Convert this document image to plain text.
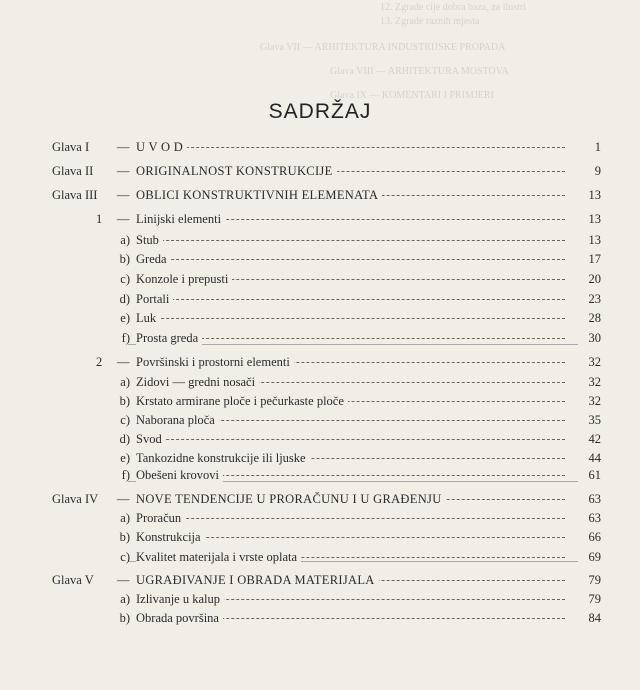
12. Zgrade cije dobra baza, za ilustri
13. Zgrade raznih mjesta
Glava VII — ARHITEKTURA INDUSTRIJSKE PROPADA
Glava VIII — ARHITEKTURA MOSTOVA
Glava IX — KOMENTARI I PRIMJERI
SADRŽAJ
Glava I — U V O D	1
Glava II — ORIGINALNOST KONSTRUKCIJE	9
Glava III — OBLICI KONSTRUKTIVNIH ELEMENATA	13
1 — Linijski elementi	13
a) Stub	13
b) Greda	17
c) Konzole i prepusti	20
d) Portali	23
e) Luk	28
f) Prosta greda	30
2 — Površinski i prostorni elementi	32
a) Zidovi — gredni nosači	32
b) Krstato armirane ploče i pečurkaste ploče	32
c) Naborana ploča	35
d) Svod	42
e) Tankozidne konstrukcije ili ljuske	44
f) Obešeni krovovi	61
Glava IV — NOVE TENDENCIJE U PRORAČUNU I U GRAĐENJU	63
a) Proračun	63
b) Konstrukcija	66
c) Kvalitet materijala i vrste oplata	69
Glava V — UGRAĐIVANJE I OBRADA MATERIJALA	79
a) Izlivanje u kalup	79
b) Obrada površina	84
